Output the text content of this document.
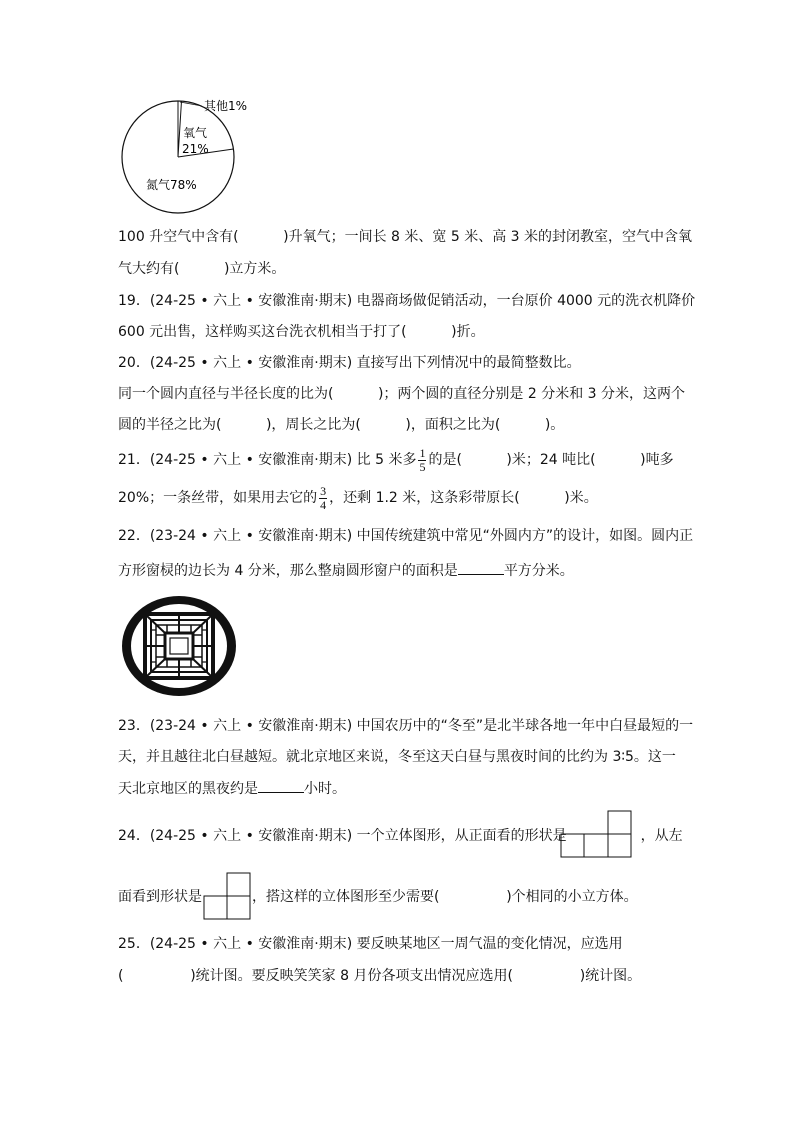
其他1%
氧气
21%
氮气78%
100 升空气中含有(          )升氧气；一间长 8 米、宽 5 米、高 3 米的封闭教室，空气中含氧
气大约有(          )立方米。
19．(24-25 • 六上 • 安徽淮南·期末) 电器商场做促销活动，一台原价 4000 元的洗衣机降价
600 元出售，这样购买这台洗衣机相当于打了(          )折。
20．(24-25 • 六上 • 安徽淮南·期末) 直接写出下列情况中的最简整数比。
同一个圆内直径与半径长度的比为(          )；两个圆的直径分别是 2 分米和 3 分米，这两个
圆的半径之比为(          )，周长之比为(          )，面积之比为(          )。
21．(24-25 • 六上 • 安徽淮南·期末) 比 5 米多 $\frac{1}{5}$ 的是(          )米；24 吨比(          )吨多
20%；一条丝带，如果用去它的 $\frac{3}{4}$ ，还剩 1.2 米，这条彩带原长(          )米。
22．(23-24 • 六上 • 安徽淮南·期末) 中国传统建筑中常见“外圆内方”的设计，如图。圆内正
方形窗棂的边长为 4 分米，那么整扇圆形窗户的面积是	平方分米。
23．(23-24 • 六上 • 安徽淮南·期末) 中国农历中的“冬至”是北半球各地一年中白昼最短的一
天，并且越往北白昼越短。就北京地区来说，冬至这天白昼与黑夜时间的比约为 3∶5。这一
天北京地区的黑夜约是	小时。
24．(24-25 • 六上 • 安徽淮南·期末) 一个立体图形，从正面看的形状是	，从左
面看到形状是	，搭这样的立体图形至少需要(               )个相同的小立方体。
25．(24-25 • 六上 • 安徽淮南·期末) 要反映某地区一周气温的变化情况，应选用
(               )统计图。要反映笑笑家 8 月份各项支出情况应选用(               )统计图。
